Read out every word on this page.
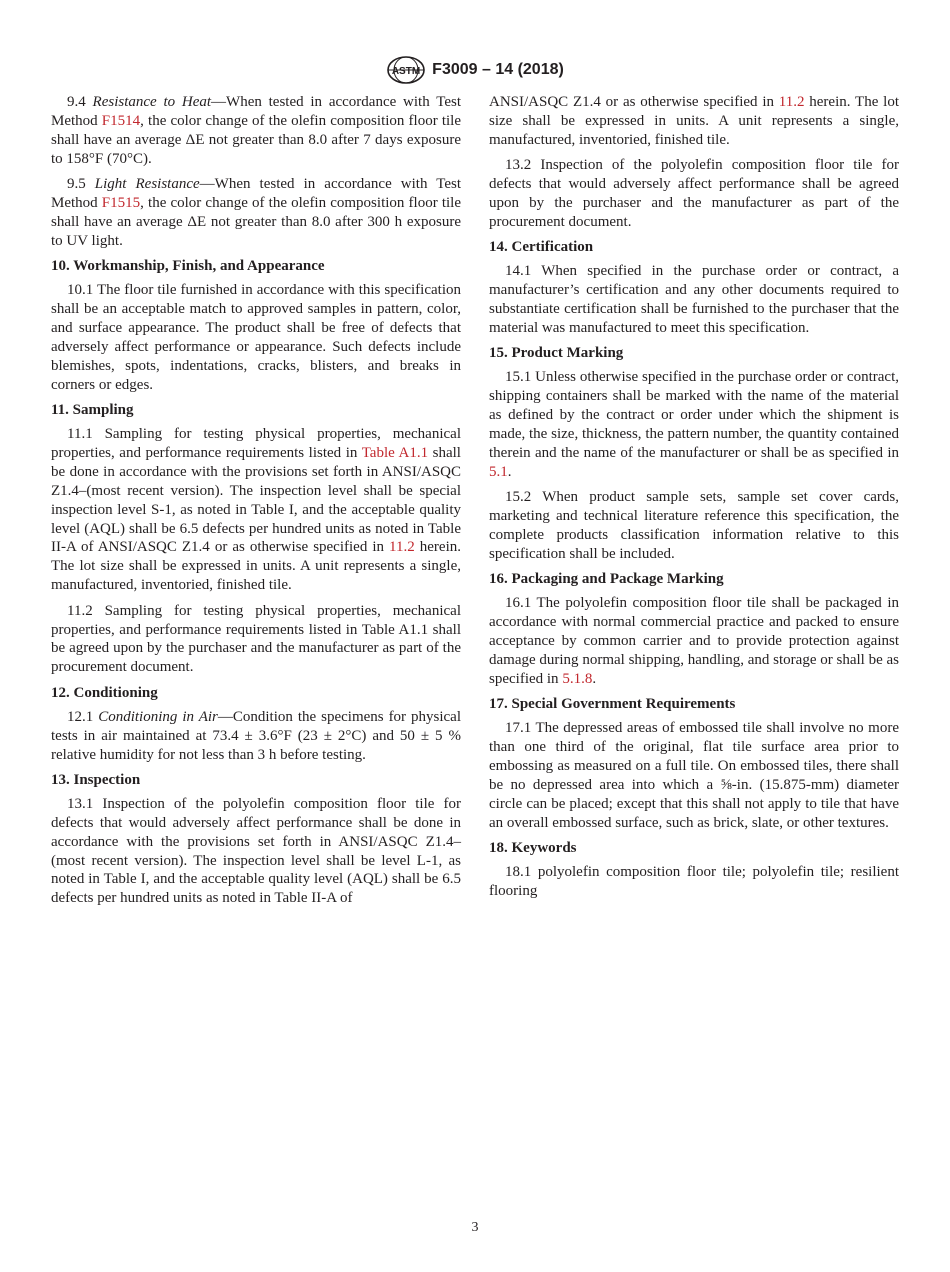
ASTM F3009 – 14 (2018)

9.4 Resistance to Heat—When tested in accordance with Test Method F1514, the color change of the olefin composition floor tile shall have an average ΔE not greater than 8.0 after 7 days exposure to 158°F (70°C).

9.5 Light Resistance—When tested in accordance with Test Method F1515, the color change of the olefin composition floor tile shall have an average ΔE not greater than 8.0 after 300 h exposure to UV light.

10. Workmanship, Finish, and Appearance

10.1 The floor tile furnished in accordance with this specification shall be an acceptable match to approved samples in pattern, color, and surface appearance. The product shall be free of defects that adversely affect performance or appearance. Such defects include blemishes, spots, indentations, cracks, blisters, and breaks in corners or edges.

11. Sampling

11.1 Sampling for testing physical properties, mechanical properties, and performance requirements listed in Table A1.1 shall be done in accordance with the provisions set forth in ANSI/ASQC Z1.4–(most recent version). The inspection level shall be special inspection level S-1, as noted in Table I, and the acceptable quality level (AQL) shall be 6.5 defects per hundred units as noted in Table II-A of ANSI/ASQC Z1.4 or as otherwise specified in 11.2 herein. The lot size shall be expressed in units. A unit represents a single, manufactured, inventoried, finished tile.

11.2 Sampling for testing physical properties, mechanical properties, and performance requirements listed in Table A1.1 shall be agreed upon by the purchaser and the manufacturer as part of the procurement document.

12. Conditioning

12.1 Conditioning in Air—Condition the specimens for physical tests in air maintained at 73.4 ± 3.6°F (23 ± 2°C) and 50 ± 5 % relative humidity for not less than 3 h before testing.

13. Inspection

13.1 Inspection of the polyolefin composition floor tile for defects that would adversely affect performance shall be done in accordance with the provisions set forth in ANSI/ASQC Z1.4–(most recent version). The inspection level shall be level L-1, as noted in Table I, and the acceptable quality level (AQL) shall be 6.5 defects per hundred units as noted in Table II-A of

ANSI/ASQC Z1.4 or as otherwise specified in 11.2 herein. The lot size shall be expressed in units. A unit represents a single, manufactured, inventoried, finished tile.

13.2 Inspection of the polyolefin composition floor tile for defects that would adversely affect performance shall be agreed upon by the purchaser and the manufacturer as part of the procurement document.

14. Certification

14.1 When specified in the purchase order or contract, a manufacturer’s certification and any other documents required to substantiate certification shall be furnished to the purchaser that the material was manufactured to meet this specification.

15. Product Marking

15.1 Unless otherwise specified in the purchase order or contract, shipping containers shall be marked with the name of the material as defined by the contract or order under which the shipment is made, the size, thickness, the pattern number, the quantity contained therein and the name of the manufacturer or shall be as specified in 5.1.

15.2 When product sample sets, sample set cover cards, marketing and technical literature reference this specification, the complete products classification information relative to this specification shall be included.

16. Packaging and Package Marking

16.1 The polyolefin composition floor tile shall be packaged in accordance with normal commercial practice and packed to ensure acceptance by common carrier and to provide protection against damage during normal shipping, handling, and storage or shall be as specified in 5.1.8.

17. Special Government Requirements

17.1 The depressed areas of embossed tile shall involve no more than one third of the original, flat tile surface area prior to embossing as measured on a full tile. On embossed tiles, there shall be no depressed area into which a ⅝-in. (15.875-mm) diameter circle can be placed; except that this shall not apply to tile that have an overall embossed surface, such as brick, slate, or other textures.

18. Keywords

18.1 polyolefin composition floor tile; polyolefin tile; resilient flooring

3
